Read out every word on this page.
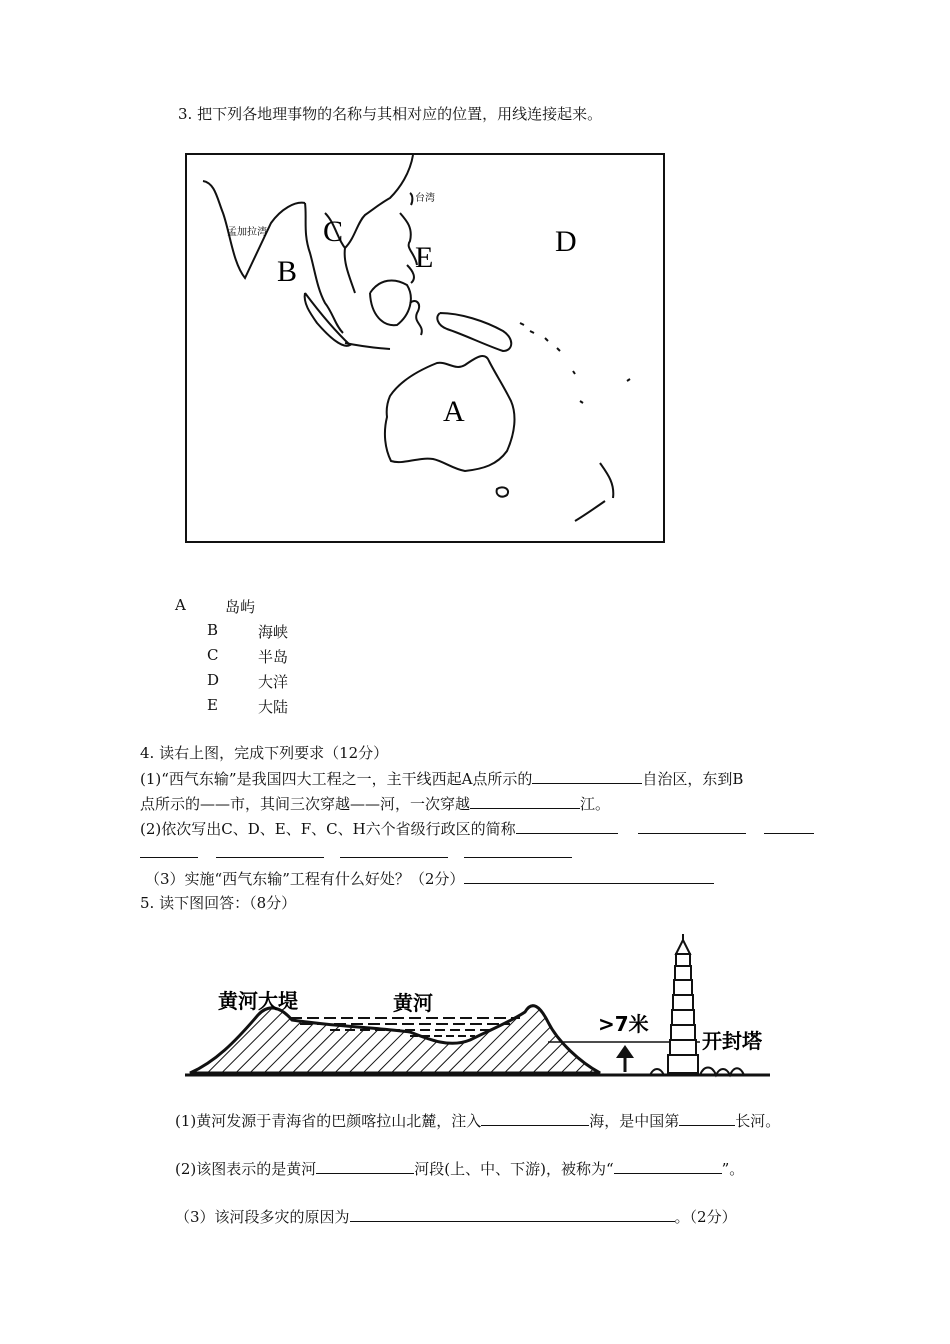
3. 把下列各地理事物的名称与其相对应的位置，用线连接起来。
台湾
孟加拉湾
A
B
C	D
E
A	岛屿
B	海峡
C	半岛
D	大洋
E	大陆
4. 读右上图，完成下列要求（12分）
(1)“西气东输”是我国四大工程之一，主干线西起A点所示的	自治区，东到B
点所示的——市，其间三次穿越——河，一次穿越	江。
(2)依次写出C、D、E、F、C、H六个省级行政区的简称
（3）实施“西气东输”工程有什么好处？（2分）
5. 读下图回答：（8分）
黄河大堤	黄河
>7米
开封塔
(1)黄河发源于青海省的巴颜喀拉山北麓，注入	海，是中国第	长河。
(2)该图表示的是黄河	河段(上、中、下游)，被称为“	”。
（3）该河段多灾的原因为	。（2分）
